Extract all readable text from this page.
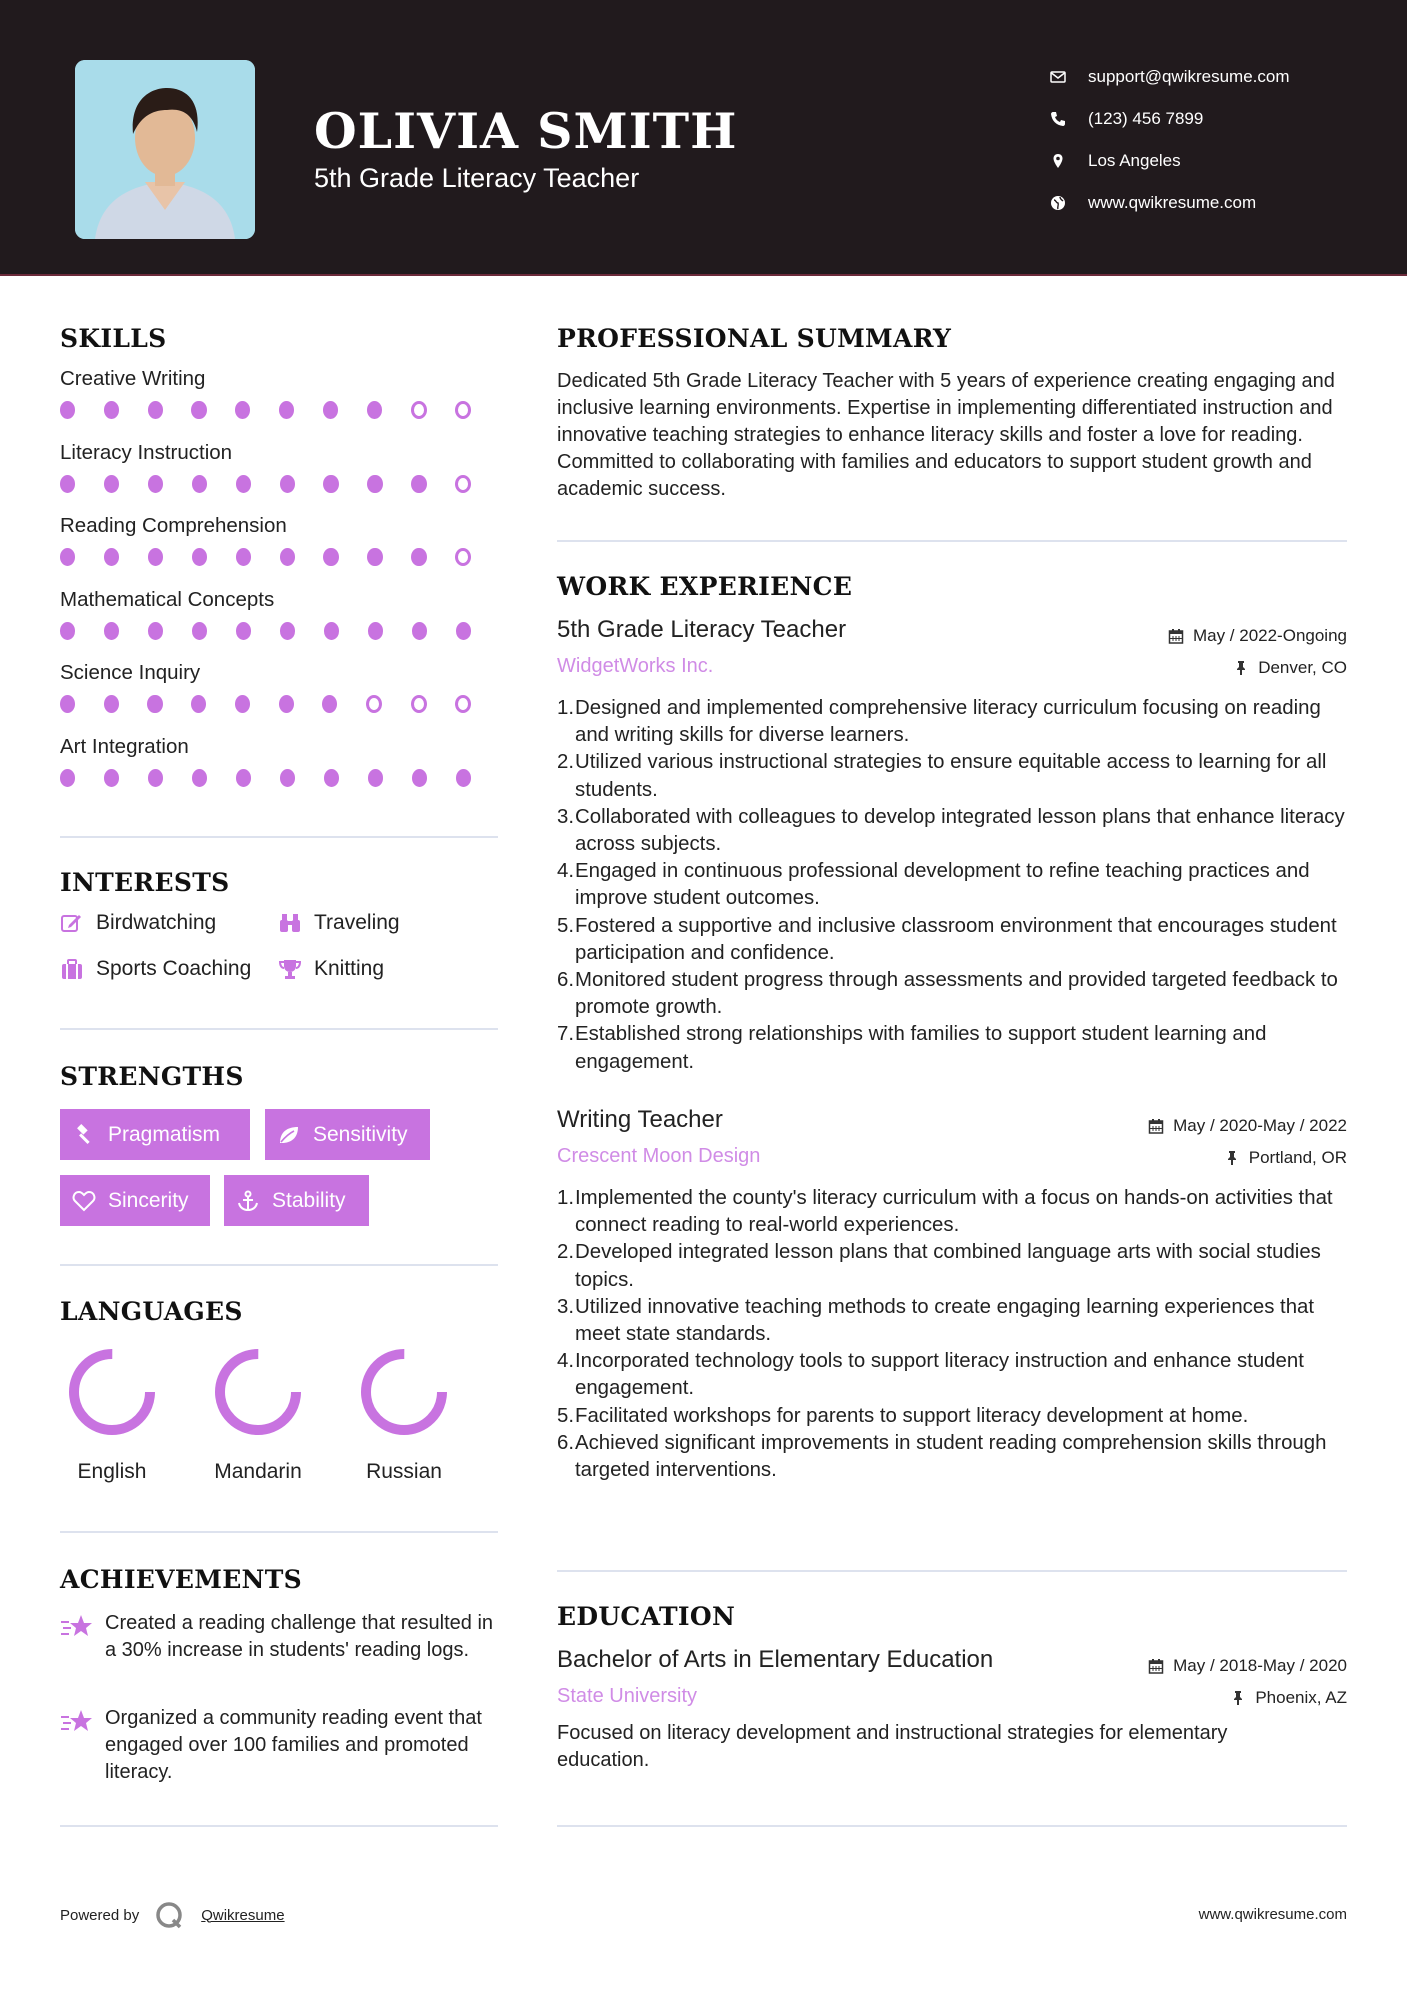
OLIVIA SMITH
5th Grade Literacy Teacher
support@qwikresume.com
(123) 456 7899
Los Angeles
www.qwikresume.com
SKILLS
Creative Writing
Literacy Instruction
Reading Comprehension
Mathematical Concepts
Science Inquiry
Art Integration
INTERESTS
Birdwatching	Traveling
Sports Coaching	Knitting
STRENGTHS
Pragmatism	Sensitivity
Sincerity	Stability
LANGUAGES
English	Mandarin	Russian
ACHIEVEMENTS
Created a reading challenge that resulted in a 30% increase in students' reading logs.
Organized a community reading event that engaged over 100 families and promoted literacy.
PROFESSIONAL SUMMARY
Dedicated 5th Grade Literacy Teacher with 5 years of experience creating engaging and inclusive learning environments. Expertise in implementing differentiated instruction and innovative teaching strategies to enhance literacy skills and foster a love for reading. Committed to collaborating with families and educators to support student growth and academic success.
WORK EXPERIENCE
5th Grade Literacy Teacher
WidgetWorks Inc.
May / 2022-Ongoing
Denver, CO
1. Designed and implemented comprehensive literacy curriculum focusing on reading and writing skills for diverse learners.
2. Utilized various instructional strategies to ensure equitable access to learning for all students.
3. Collaborated with colleagues to develop integrated lesson plans that enhance literacy across subjects.
4. Engaged in continuous professional development to refine teaching practices and improve student outcomes.
5. Fostered a supportive and inclusive classroom environment that encourages student participation and confidence.
6. Monitored student progress through assessments and provided targeted feedback to promote growth.
7. Established strong relationships with families to support student learning and engagement.
Writing Teacher
Crescent Moon Design
May / 2020-May / 2022
Portland, OR
1. Implemented the county's literacy curriculum with a focus on hands-on activities that connect reading to real-world experiences.
2. Developed integrated lesson plans that combined language arts with social studies topics.
3. Utilized innovative teaching methods to create engaging learning experiences that meet state standards.
4. Incorporated technology tools to support literacy instruction and enhance student engagement.
5. Facilitated workshops for parents to support literacy development at home.
6. Achieved significant improvements in student reading comprehension skills through targeted interventions.
EDUCATION
Bachelor of Arts in Elementary Education
State University
May / 2018-May / 2020
Phoenix, AZ
Focused on literacy development and instructional strategies for elementary education.
Powered by	Qwikresume	www.qwikresume.com
